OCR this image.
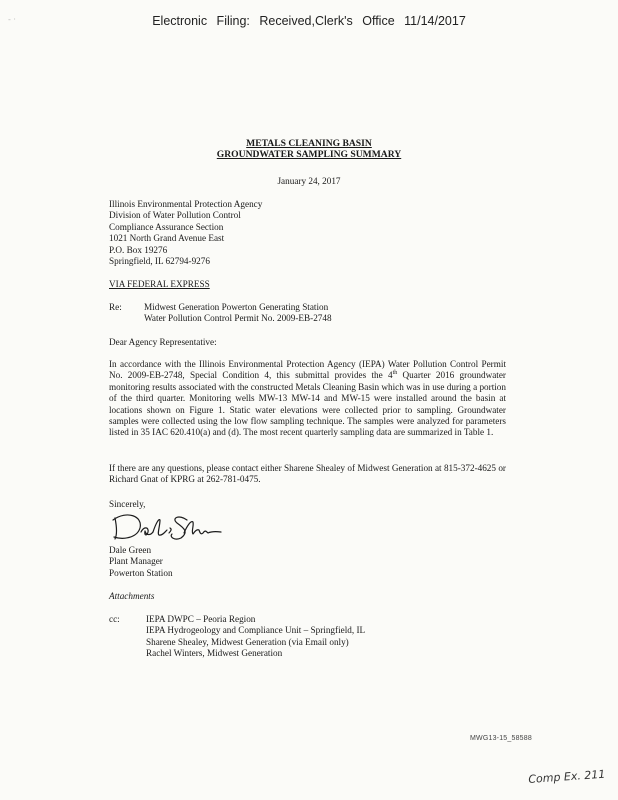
- ·	Electronic Filing: Received,Clerk's Office 11/14/2017
METALS CLEANING BASIN
GROUNDWATER SAMPLING SUMMARY
January 24, 2017
Illinois Environmental Protection Agency
Division of Water Pollution Control
Compliance Assurance Section
1021 North Grand Avenue East
P.O. Box 19276
Springfield, IL 62794-9276
VIA FEDERAL EXPRESS
Re: Midwest Generation Powerton Generating Station
Water Pollution Control Permit No. 2009-EB-2748
Dear Agency Representative:
In accordance with the Illinois Environmental Protection Agency (IEPA) Water Pollution Control Permit No. 2009-EB-2748, Special Condition 4, this submittal provides the 4th Quarter 2016 groundwater monitoring results associated with the constructed Metals Cleaning Basin which was in use during a portion of the third quarter. Monitoring wells MW-13 MW-14 and MW-15 were installed around the basin at locations shown on Figure 1. Static water elevations were collected prior to sampling. Groundwater samples were collected using the low flow sampling technique. The samples were analyzed for parameters listed in 35 IAC 620.410(a) and (d). The most recent quarterly sampling data are summarized in Table 1.
If there are any questions, please contact either Sharene Shealey of Midwest Generation at 815-372-4625 or Richard Gnat of KPRG at 262-781-0475.
Sincerely,
Dale Green
Plant Manager
Powerton Station
Attachments
cc:	IEPA DWPC – Peoria Region
IEPA Hydrogeology and Compliance Unit – Springfield, IL
Sharene Shealey, Midwest Generation (via Email only)
Rachel Winters, Midwest Generation
MWG13-15_58588
Comp Ex. 211
